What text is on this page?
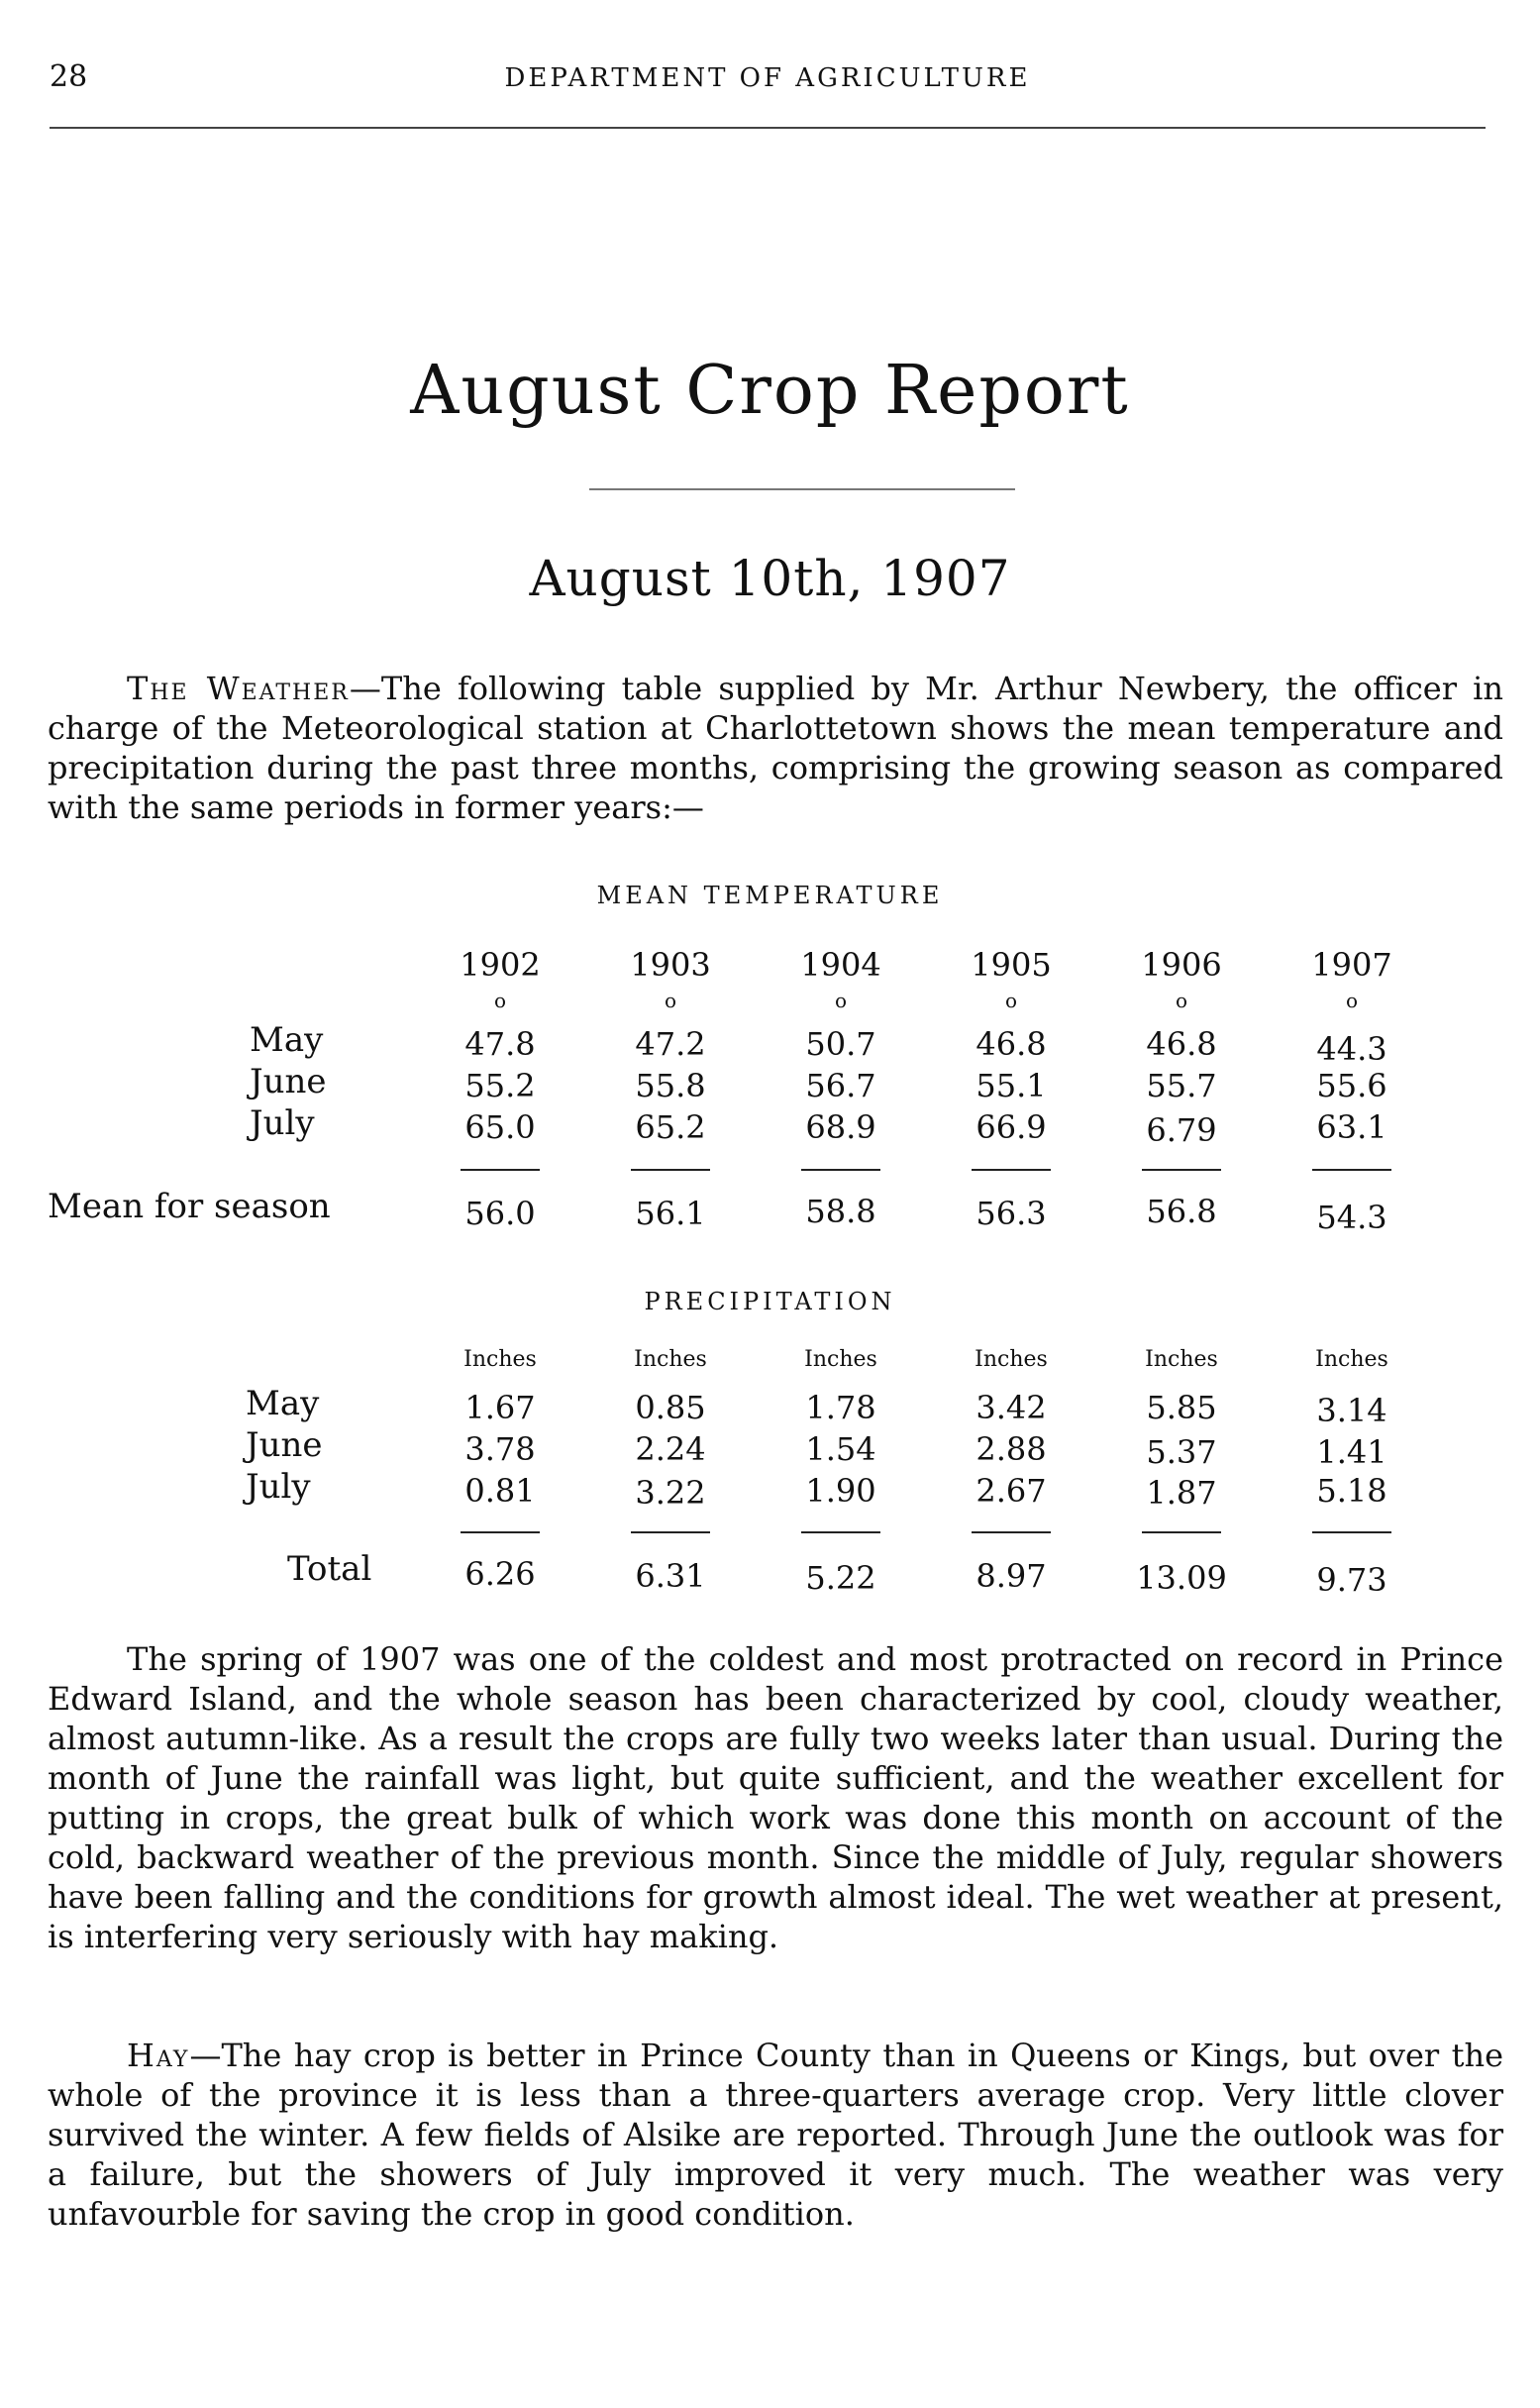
28	DEPARTMENT OF AGRICULTURE
August Crop Report
August 10th, 1907
The Weather—The following table supplied by Mr. Arthur Newbery, the officer in charge of the Meteorological station at Charlottetown shows the mean temperature and precipitation during the past three months, comprising the growing season as compared with the same periods in former years:—
MEAN TEMPERATURE
1902	1903	1904	1905	1906	1907
o	o	o	o	o	o
May	47.8	47.2	50.7	46.8	46.8	44.3
June	55.2	55.8	56.7	55.1	55.7	55.6
July	65.0	65.2	68.9	66.9	6.79	63.1
Mean for season	56.0	56.1	58.8	56.3	56.8	54.3
PRECIPITATION
Inches	Inches	Inches	Inches	Inches	Inches
May	1.67	0.85	1.78	3.42	5.85	3.14
June	3.78	2.24	1.54	2.88	5.37	1.41
July	0.81	3.22	1.90	2.67	1.87	5.18
Total	6.26	6.31	5.22	8.97	13.09	9.73
The spring of 1907 was one of the coldest and most protracted on record in Prince Edward Island, and the whole season has been characterized by cool, cloudy weather, almost autumn-like. As a result the crops are fully two weeks later than usual. During the month of June the rainfall was light, but quite sufficient, and the weather excellent for putting in crops, the great bulk of which work was done this month on account of the cold, backward weather of the previous month. Since the middle of July, regular showers have been falling and the conditions for growth almost ideal. The wet weather at present, is interfering very seriously with hay making.
Hay—The hay crop is better in Prince County than in Queens or Kings, but over the whole of the province it is less than a three-quarters average crop. Very little clover survived the winter. A few fields of Alsike are reported. Through June the outlook was for a failure, but the showers of July improved it very much. The weather was very unfavourble for saving the crop in good condition.
